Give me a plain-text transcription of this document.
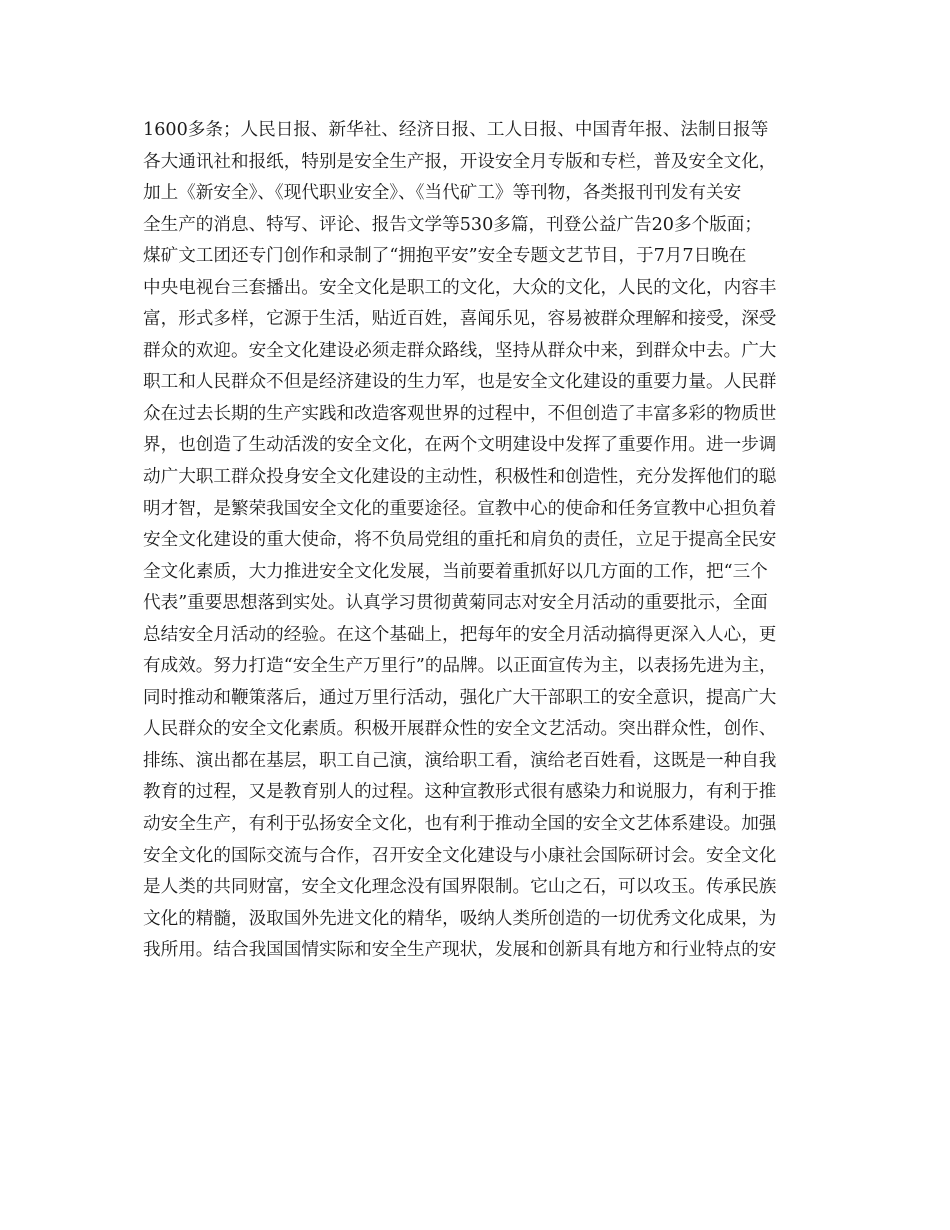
1600多条；人民日报、新华社、经济日报、工人日报、中国青年报、法制日报等
各大通讯社和报纸，特别是安全生产报，开设安全月专版和专栏，普及安全文化，
加上《新安全》、《现代职业安全》、《当代矿工》等刊物，各类报刊刊发有关安
全生产的消息、特写、评论、报告文学等530多篇，刊登公益广告20多个版面；
煤矿文工团还专门创作和录制了“拥抱平安”安全专题文艺节目，于7月7日晚在
中央电视台三套播出。安全文化是职工的文化，大众的文化，人民的文化，内容丰
富，形式多样，它源于生活，贴近百姓，喜闻乐见，容易被群众理解和接受，深受
群众的欢迎。安全文化建设必须走群众路线，坚持从群众中来，到群众中去。广大
职工和人民群众不但是经济建设的生力军，也是安全文化建设的重要力量。人民群
众在过去长期的生产实践和改造客观世界的过程中，不但创造了丰富多彩的物质世
界，也创造了生动活泼的安全文化，在两个文明建设中发挥了重要作用。进一步调
动广大职工群众投身安全文化建设的主动性，积极性和创造性，充分发挥他们的聪
明才智，是繁荣我国安全文化的重要途径。宣教中心的使命和任务宣教中心担负着
安全文化建设的重大使命，将不负局党组的重托和肩负的责任，立足于提高全民安
全文化素质，大力推进安全文化发展，当前要着重抓好以几方面的工作，把“三个
代表”重要思想落到实处。认真学习贯彻黄菊同志对安全月活动的重要批示，全面
总结安全月活动的经验。在这个基础上，把每年的安全月活动搞得更深入人心，更
有成效。努力打造“安全生产万里行”的品牌。以正面宣传为主，以表扬先进为主，
同时推动和鞭策落后，通过万里行活动，强化广大干部职工的安全意识，提高广大
人民群众的安全文化素质。积极开展群众性的安全文艺活动。突出群众性，创作、
排练、演出都在基层，职工自己演，演给职工看，演给老百姓看，这既是一种自我
教育的过程，又是教育别人的过程。这种宣教形式很有感染力和说服力，有利于推
动安全生产，有利于弘扬安全文化，也有利于推动全国的安全文艺体系建设。加强
安全文化的国际交流与合作，召开安全文化建设与小康社会国际研讨会。安全文化
是人类的共同财富，安全文化理念没有国界限制。它山之石，可以攻玉。传承民族
文化的精髓，汲取国外先进文化的精华，吸纳人类所创造的一切优秀文化成果，为
我所用。结合我国国情实际和安全生产现状，发展和创新具有地方和行业特点的安
